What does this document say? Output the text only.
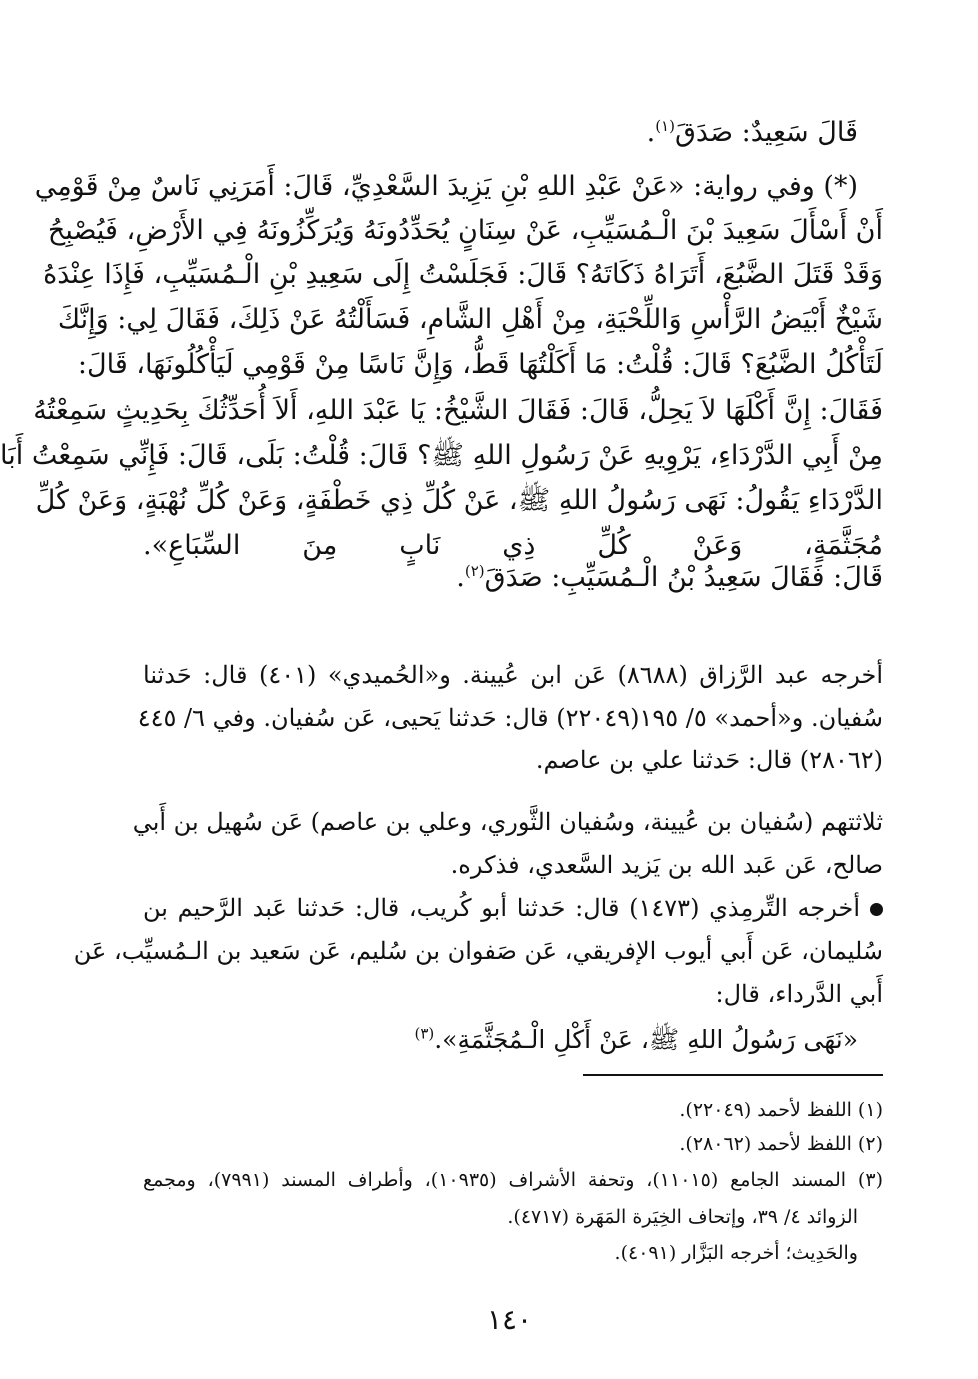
قَالَ سَعِيدٌ: صَدَقَ$^{(١)}$.
(*) وفي رواية: «عَنْ عَبْدِ اللهِ بْنِ يَزِيدَ السَّعْدِيِّ، قَالَ: أَمَرَنِي نَاسٌ مِنْ قَوْمِي
أَنْ أَسْأَلَ سَعِيدَ بْنَ الْـمُسَيِّبِ، عَنْ سِنَانٍ يُحَدِّدُونَهُ وَيُرَكِّزُونَهُ فِي الأَرْضِ، فَيُصْبِحُ
وَقَدْ قَتَلَ الضَّبُعَ، أَتَرَاهُ ذَكَاتَهُ؟ قَالَ: فَجَلَسْتُ إِلَى سَعِيدِ بْنِ الْـمُسَيِّبِ، فَإِذَا عِنْدَهُ
شَيْخٌ أَبْيَضُ الرَّأْسِ وَاللِّحْيَةِ، مِنْ أَهْلِ الشَّامِ، فَسَأَلْتُهُ عَنْ ذَلِكَ، فَقَالَ لِي: وَإِنَّكَ
لَتَأْكُلُ الضَّبُعَ؟ قَالَ: قُلْتُ: مَا أَكَلْتُهَا قَطُّ، وَإِنَّ نَاسًا مِنْ قَوْمِي لَيَأْكُلُونَهَا، قَالَ:
فَقَالَ: إِنَّ أَكْلَهَا لاَ يَحِلُّ، قَالَ: فَقَالَ الشَّيْخُ: يَا عَبْدَ اللهِ، أَلاَ أُحَدِّثُكَ بِحَدِيثٍ سَمِعْتُهُ
مِنْ أَبِي الدَّرْدَاءِ، يَرْوِيهِ عَنْ رَسُولِ اللهِ ﷺ؟ قَالَ: قُلْتُ: بَلَى، قَالَ: فَإِنِّي سَمِعْتُ أَبَا
الدَّرْدَاءِ يَقُولُ: نَهَى رَسُولُ اللهِ ﷺ، عَنْ كُلِّ ذِي خَطْفَةٍ، وَعَنْ كُلِّ نُهْبَةٍ، وَعَنْ كُلِّ
مُجَثَّمَةٍ، وَعَنْ كُلِّ ذِي نَابٍ مِنَ السِّبَاعِ».
قَالَ: فَقَالَ سَعِيدُ بْنُ الْـمُسَيِّبِ: صَدَقَ$^{(٢)}$.
أخرجه عبد الرَّزاق (٨٦٨٨) عَن ابن عُيينة. و«الحُميدي» (٤٠١) قال: حَدثنا
سُفيان. و«أحمد» ٥/ ١٩٥(٢٢٠٤٩) قال: حَدثنا يَحيى، عَن سُفيان. وفي ٦/ ٤٤٥
(٢٨٠٦٢) قال: حَدثنا علي بن عاصم.
ثلاثتهم (سُفيان بن عُيينة، وسُفيان الثَّوري، وعلي بن عاصم) عَن سُهيل بن أَبي
صالح، عَن عَبد الله بن يَزيد السَّعدي، فذكره.
أخرجه التِّرمِذي (١٤٧٣) قال: حَدثنا أبو كُريب، قال: حَدثنا عَبد الرَّحيم بن
سُليمان، عَن أَبي أيوب الإفريقي، عَن صَفوان بن سُليم، عَن سَعيد بن الـمُسيِّب، عَن
أَبي الدَّرداء، قال:
«نَهَى رَسُولُ اللهِ ﷺ، عَنْ أَكْلِ الْـمُجَثَّمَةِ».$^{(٣)}$
(١) اللفظ لأحمد (٢٢٠٤٩).
(٢) اللفظ لأحمد (٢٨٠٦٢).
(٣) المسند الجامع (١١٠١٥)، وتحفة الأشراف (١٠٩٣٥)، وأطراف المسند (٧٩٩١)، ومجمع
الزوائد ٤/ ٣٩، وإتحاف الخِيَرة المَهَرة (٤٧١٧).
والحَدِيث؛ أخرجه البَزَّار (٤٠٩١).
١٤٠
